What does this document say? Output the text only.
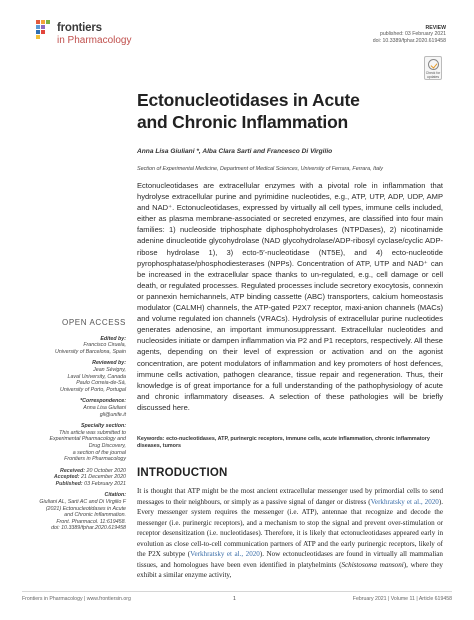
frontiers
in Pharmacology
REVIEW
published: 03 February 2021
doi: 10.3389/fphar.2020.619458
Check for updates
Ectonucleotidases in Acute
and Chronic Inflammation
Anna Lisa Giuliani *, Alba Clara Sarti and Francesco Di Virgilio
Section of Experimental Medicine, Department of Medical Sciences, University of Ferrara, Ferrara, Italy
Ectonucleotidases are extracellular enzymes with a pivotal role in inflammation that hydrolyse extracellular purine and pyrimidine nucleotides, e.g., ATP, UTP, ADP, UDP, AMP and NAD⁺. Ectonucleotidases, expressed by virtually all cell types, immune cells included, either as plasma membrane-associated or secreted enzymes, are classified into four main families: 1) nucleoside triphosphate diphosphohydrolases (NTPDases), 2) nicotinamide adenine dinucleotide glycohydrolase (NAD glycohydrolase/ADP-ribosyl cyclase/cyclic ADP-ribose hydrolase 1), 3) ecto-5′-nucleotidase (NT5E), and 4) ecto-nucleotide pyrophosphatase/phosphodiesterases (NPPs). Concentration of ATP, UTP and NAD⁺ can be increased in the extracellular space thanks to un-regulated, e.g., cell damage or cell death, or regulated processes. Regulated processes include secretory exocytosis, connexin or pannexin hemichannels, ATP binding cassette (ABC) transporters, calcium homeostasis modulator (CALMH) channels, the ATP-gated P2X7 receptor, maxi-anion channels (MACs) and volume regulated ion channels (VRACs). Hydrolysis of extracellular purine nucleotides generates adenosine, an important immunosuppressant. Extracellular nucleotides and nucleosides initiate or dampen inflammation via P2 and P1 receptors, respectively. All these agents, depending on their level of expression or activation and on the agonist concentration, are potent modulators of inflammation and key promoters of host defences, immune cells activation, pathogen clearance, tissue repair and regeneration. Thus, their knowledge is of great importance for a full understanding of the pathophysiology of acute and chronic inflammatory diseases. A selection of these pathologies will be briefly discussed here.
Keywords: ecto-nucleotidases, ATP, purinergic receptors, immune cells, acute inflammation, chronic inflammatory diseases, tumors
OPEN ACCESS
Edited by:
Francisco Ciruela,
University of Barcelona, Spain
Reviewed by:
Jean Sévigny,
Laval University, Canada
Paulo Correia-de-Sá,
University of Porto, Portugal
*Correspondence:
Anna Lisa Giuliani
gli@unife.it
Specialty section:
This article was submitted to
Experimental Pharmacology and
Drug Discovery,
a section of the journal
Frontiers in Pharmacology
Received: 20 October 2020
Accepted: 21 December 2020
Published: 03 February 2021
Citation:
Giuliani AL, Sarti AC and Di Virgilio F
(2021) Ectonucleotidases in Acute
and Chronic Inflammation.
Front. Pharmacol. 11:619458.
doi: 10.3389/fphar.2020.619458
INTRODUCTION
It is thought that ATP might be the most ancient extracellular messenger used by primordial cells to send messages to their neighbours, or simply as a passive signal of danger or distress (Verkhratsky et al., 2020). Every messenger system requires the messenger (i.e. ATP), antennae that recognize and decode the messenger (i.e. purinergic receptors), and a mechanism to stop the signal and prevent over-stimulation or receptor desensitization (i.e. nucleotidases). Therefore, it is likely that ectonucleotidases appeared early in evolution as close cell-to-cell communication partners of ATP and the early purinergic receptors, likely of the P2X subtype (Verkhratsky et al., 2020). Now ectonucleotidases are found in virtually all mammalian tissues, and homologues have been even identified in platyhelmints (Schistosoma mansoni), where they exhibit a similar enzyme activity,
Frontiers in Pharmacology | www.frontiersin.org	1	February 2021 | Volume 11 | Article 619458
